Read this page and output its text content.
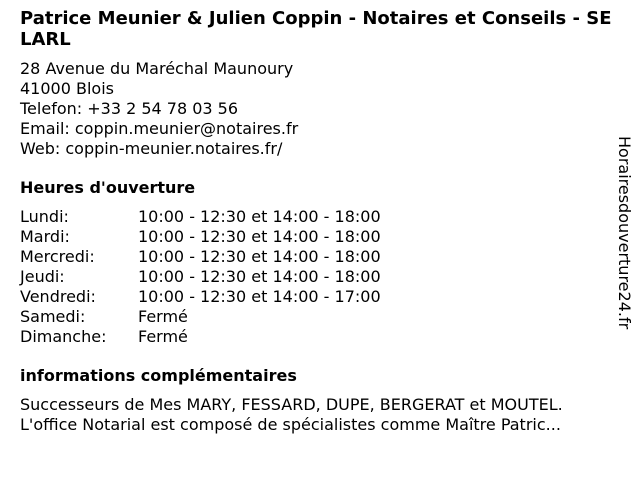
Patrice Meunier & Julien Coppin - Notaires et Conseils - SELARL
28 Avenue du Maréchal Maunoury
41000 Blois
Telefon: +33 2 54 78 03 56
Email: coppin.meunier@notaires.fr
Web: coppin-meunier.notaires.fr/
Heures d'ouverture
Lundi:	10:00 - 12:30 et 14:00 - 18:00
Mardi:	10:00 - 12:30 et 14:00 - 18:00
Mercredi:	10:00 - 12:30 et 14:00 - 18:00
Jeudi:	10:00 - 12:30 et 14:00 - 18:00
Vendredi:	10:00 - 12:30 et 14:00 - 17:00
Samedi:	Fermé
Dimanche:	Fermé
informations complémentaires
Successeurs de Mes MARY, FESSARD, DUPE, BERGERAT et MOUTEL.
L'office Notarial est composé de spécialistes comme Maître Patric...
Horairesdouverture24.fr
